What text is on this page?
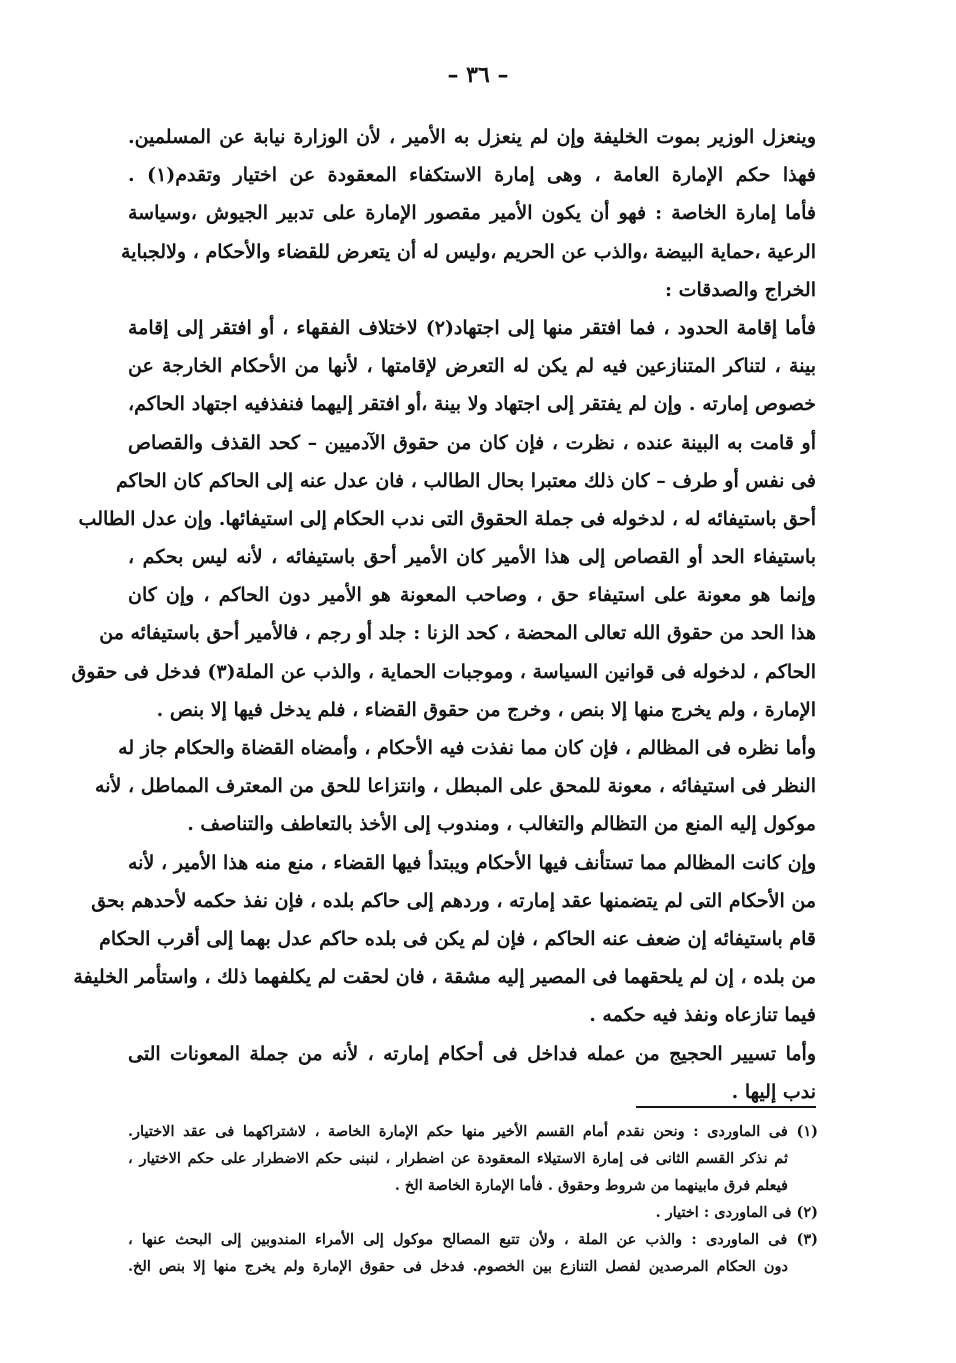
– ٣٦ –
وينعزل الوزير بموت الخليفة وإن لم ينعزل به الأمير ، لأن الوزارة نيابة عن المسلمين.
فهذا حكم الإمارة العامة ، وهى إمارة الاستكفاء المعقودة عن اختيار وتقدم(١) .
فأما إمارة الخاصة : فهو أن يكون الأمير مقصور الإمارة على تدبير الجيوش ،وسياسة
الرعية ،حماية البيضة ،والذب عن الحريم ،وليس له أن يتعرض للقضاء والأحكام ، ولالجباية
الخراج والصدقات :
فأما إقامة الحدود ، فما افتقر منها إلى اجتهاد(٢) لاختلاف الفقهاء ، أو افتقر إلى إقامة
بينة ، لتناكر المتنازعين فيه لم يكن له التعرض لإقامتها ، لأنها من الأحكام الخارجة عن
خصوص إمارته . وإن لم يفتقر إلى اجتهاد ولا بينة ،أو افتقر إليهما فنفذفيه اجتهاد الحاكم،
أو قامت به البينة عنده ، نظرت ، فإن كان من حقوق الآدميين – كحد القذف والقصاص
فى نفس أو طرف – كان ذلك معتبرا بحال الطالب ، فان عدل عنه إلى الحاكم كان الحاكم
أحق باستيفائه له ، لدخوله فى جملة الحقوق التى ندب الحكام إلى استيفائها. وإن عدل الطالب
باستيفاء الحد أو القصاص إلى هذا الأمير كان الأمير أحق باستيفائه ، لأنه ليس بحكم ،
وإنما هو معونة على استيفاء حق ، وصاحب المعونة هو الأمير دون الحاكم ، وإن كان
هذا الحد من حقوق الله تعالى المحضة ، كحد الزنا : جلد أو رجم ، فالأمير أحق باستيفائه من
الحاكم ، لدخوله فى قوانين السياسة ، وموجبات الحماية ، والذب عن الملة(٣) فدخل فى حقوق
الإمارة ، ولم يخرج منها إلا بنص ، وخرج من حقوق القضاء ، فلم يدخل فيها إلا بنص .
وأما نظره فى المظالم ، فإن كان مما نفذت فيه الأحكام ، وأمضاه القضاة والحكام جاز له
النظر فى استيفائه ، معونة للمحق على المبطل ، وانتزاعا للحق من المعترف المماطل ، لأنه
موكول إليه المنع من التظالم والتغالب ، ومندوب إلى الأخذ بالتعاطف والتناصف .
وإن كانت المظالم مما تستأنف فيها الأحكام ويبتدأ فيها القضاء ، منع منه هذا الأمير ، لأنه
من الأحكام التى لم يتضمنها عقد إمارته ، وردهم إلى حاكم بلده ، فإن نفذ حكمه لأحدهم بحق
قام باستيفائه إن ضعف عنه الحاكم ، فإن لم يكن فى بلده حاكم عدل بهما إلى أقرب الحكام
من بلده ، إن لم يلحقهما فى المصير إليه مشقة ، فان لحقت لم يكلفهما ذلك ، واستأمر الخليفة
فيما تنازعاه ونفذ فيه حكمه .
وأما تسيير الحجيج من عمله فداخل فى أحكام إمارته ، لأنه من جملة المعونات التى
ندب إليها .
(١) فى الماوردى : ونحن نقدم أمام القسم الأخير منها حكم الإمارة الخاصة ، لاشتراكهما فى عقد الاختيار.
ثم نذكر القسم الثانى فى إمارة الاستيلاء المعقودة عن اضطرار ، لنبنى حكم الاضطرار على حكم الاختيار ،
فيعلم فرق مابينهما من شروط وحقوق . فأما الإمارة الخاصة الخ .
(٢) فى الماوردى : اختيار .
(٣) فى الماوردى : والذب عن الملة ، ولأن تتبع المصالح موكول إلى الأمراء المندوبين إلى البحث عنها ،
دون الحكام المرصدين لفصل التنازع بين الخصوم. فدخل فى حقوق الإمارة ولم يخرج منها إلا بنص الخ.
